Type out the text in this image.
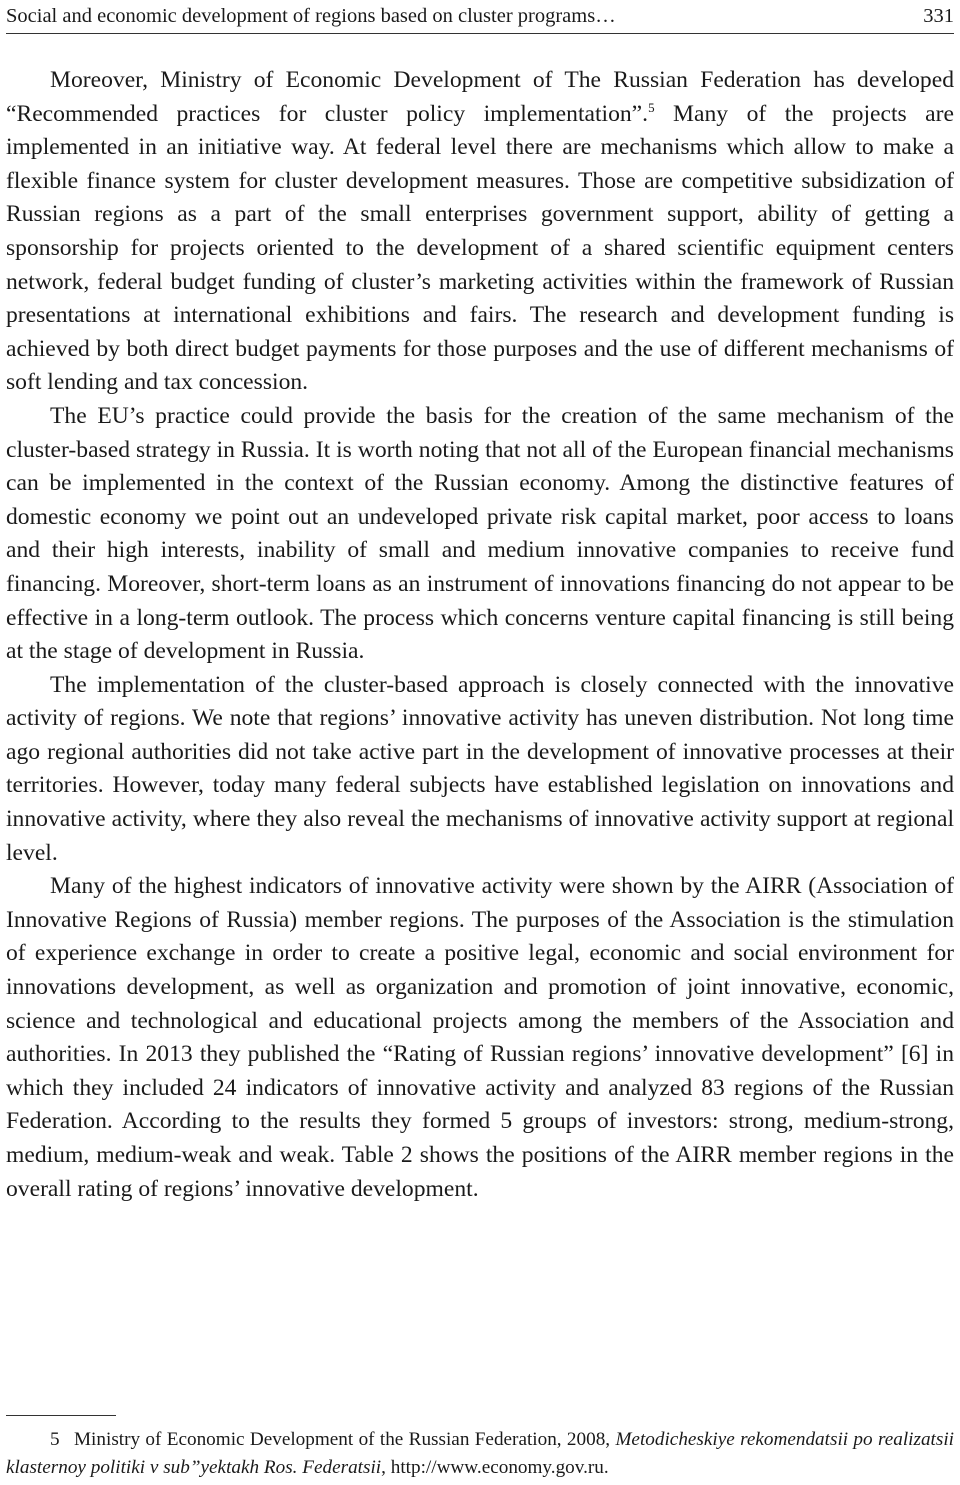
Social and economic development of regions based on cluster programs…	331

Moreover, Ministry of Economic Development of The Russian Federation has developed “Recommended practices for cluster policy implementation”.$^5$ Many of the projects are implemented in an initiative way. At federal level there are mechanisms which allow to make a flexible finance system for cluster development measures. Those are competitive subsidization of Russian regions as a part of the small enterprises government support, ability of getting a sponsorship for projects oriented to the development of a shared scientific equipment centers network, federal budget funding of cluster’s marketing activities within the framework of Russian presentations at international exhibitions and fairs. The research and development funding is achieved by both direct budget payments for those purposes and the use of different mechanisms of soft lending and tax concession.

The EU’s practice could provide the basis for the creation of the same mechanism of the cluster-based strategy in Russia. It is worth noting that not all of the European financial mechanisms can be implemented in the context of the Russian economy. Among the distinctive features of domestic economy we point out an undeveloped private risk capital market, poor access to loans and their high interests, inability of small and medium innovative companies to receive fund financing. Moreover, short-term loans as an instrument of innovations financing do not appear to be effective in a long-term outlook. The process which concerns venture capital financing is still being at the stage of development in Russia.

The implementation of the cluster-based approach is closely connected with the innovative activity of regions. We note that regions’ innovative activity has uneven distribution. Not long time ago regional authorities did not take active part in the development of innovative processes at their territories. However, today many federal subjects have established legislation on innovations and innovative activity, where they also reveal the mechanisms of innovative activity support at regional level.

Many of the highest indicators of innovative activity were shown by the AIRR (Association of Innovative Regions of Russia) member regions. The purposes of the Association is the stimulation of experience exchange in order to create a positive legal, economic and social environment for innovations development, as well as organization and promotion of joint innovative, economic, science and technological and educational projects among the members of the Association and authorities. In 2013 they published the “Rating of Russian regions’ innovative development” [6] in which they included 24 indicators of innovative activity and analyzed 83 regions of the Russian Federation. According to the results they formed 5 groups of investors: strong, medium-strong, medium, medium-weak and weak. Table 2 shows the positions of the AIRR member regions in the overall rating of regions’ innovative development.

5 Ministry of Economic Development of the Russian Federation, 2008, Metodicheskiye rekomendatsii po realizatsii klasternoy politiki v sub”yektakh Ros. Federatsii, http://www.economy.gov.ru.
